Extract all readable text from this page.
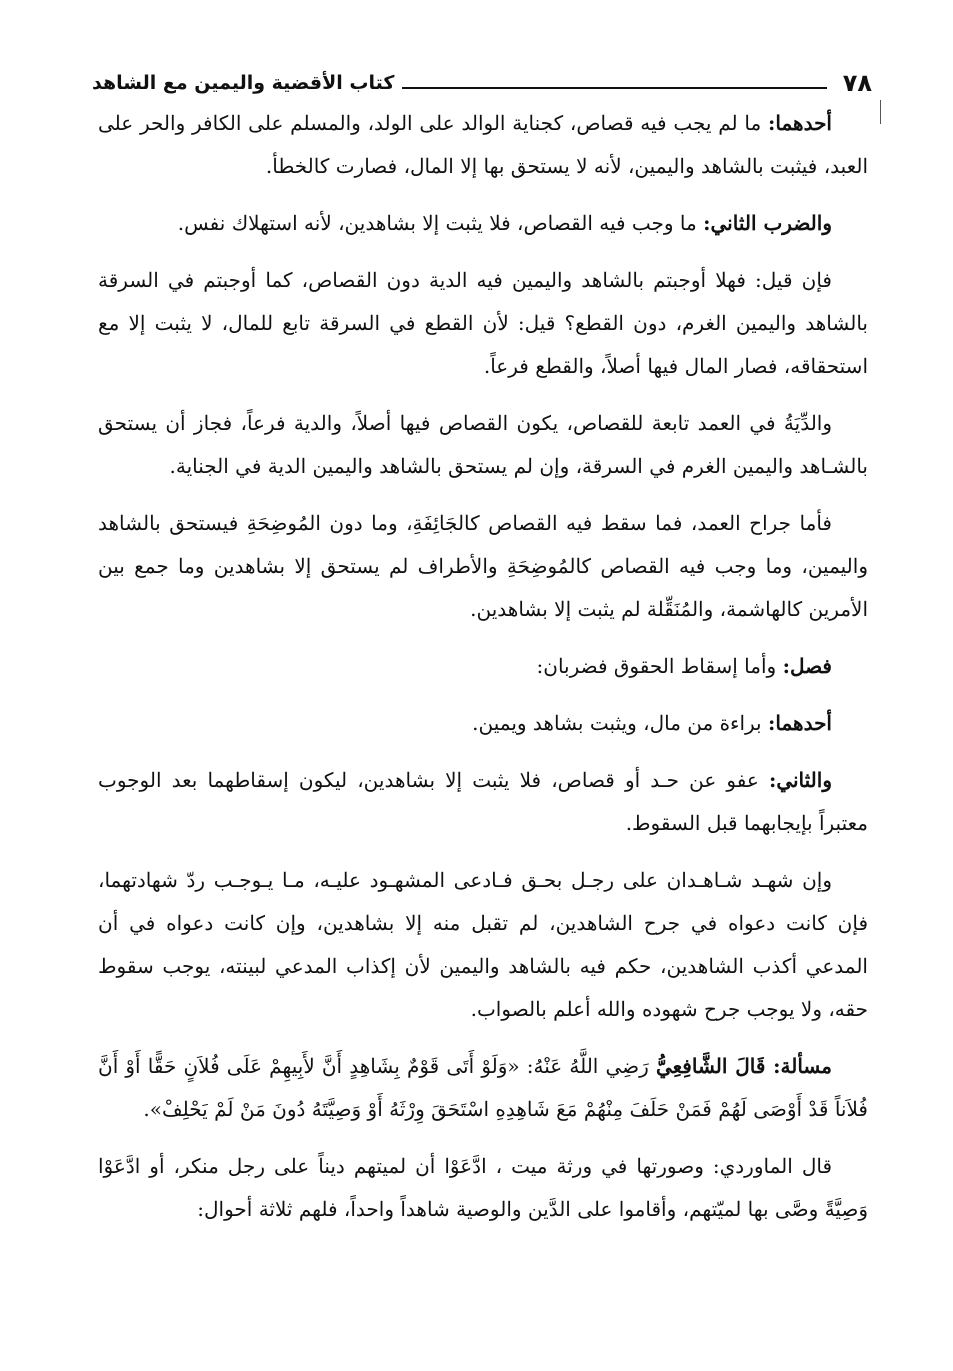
٧٨
كتاب الأقضية واليمين مع الشاهد

أحدهما: ما لم يجب فيه قصاص، كجناية الوالد على الولد، والمسلم على الكافر والحر على العبد، فيثبت بالشاهد واليمين، لأنه لا يستحق بها إلا المال، فصارت كالخطأ.

والضرب الثاني: ما وجب فيه القصاص، فلا يثبت إلا بشاهدين، لأنه استهلاك نفس.

فإن قيل: فهلا أوجبتم بالشاهد واليمين فيه الدية دون القصاص، كما أوجبتم في السرقة بالشاهد واليمين الغرم، دون القطع؟ قيل: لأن القطع في السرقة تابع للمال، لا يثبت إلا مع استحقاقه، فصار المال فيها أصلاً، والقطع فرعاً.

والدِّيَةُ في العمد تابعة للقصاص، يكون القصاص فيها أصلاً، والدية فرعاً، فجاز أن يستحق بالشـاهد واليمين الغرم في السرقة، وإن لم يستحق بالشاهد واليمين الدية في الجناية.

فأما جراح العمد، فما سقط فيه القصاص كالجَائِفَةِ، وما دون المُوضِحَةِ فيستحق بالشاهد واليمين، وما وجب فيه القصاص كالمُوضِحَةِ والأطراف لم يستحق إلا بشاهدين وما جمع بين الأمرين كالهاشمة، والمُنَقِّلة لم يثبت إلا بشاهدين.

فصل: وأما إسقاط الحقوق فضربان:

أحدهما: براءة من مال، ويثبت بشاهد ويمين.

والثاني: عفو عن حـد أو قصاص، فلا يثبت إلا بشاهدين، ليكون إسقاطهما بعد الوجوب معتبراً بإيجابهما قبل السقوط.

وإن شهـد شـاهـدان على رجـل بحـق فـادعى المشهـود عليـه، مـا يـوجـب ردّ شهادتهما، فإن كانت دعواه في جرح الشاهدين، لم تقبل منه إلا بشاهدين، وإن كانت دعواه في أن المدعي أكذب الشاهدين، حكم فيه بالشاهد واليمين لأن إكذاب المدعي لبينته، يوجب سقوط حقه، ولا يوجب جرح شهوده والله أعلم بالصواب.

مسألة: قَالَ الشَّافِعِيُّ رَضِي اللَّهُ عَنْهُ: «وَلَوْ أَتَى قَوْمٌ بِشَاهِدٍ أَنَّ لأَبِيهِمْ عَلَى فُلاَنٍ حَقًّا أَوْ أَنَّ فُلاَناً قَدْ أَوْصَى لَهُمْ فَمَنْ حَلَفَ مِنْهُمْ مَعَ شَاهِدِهِ اسْتَحَقَ وِرْثَهُ أَوْ وَصِيَّتَهُ دُونَ مَنْ لَمْ يَحْلِفْ».

قال الماوردي: وصورتها في ورثة ميت ، ادَّعَوْا أن لميتهم ديناً على رجل منكر، أو ادَّعَوْا وَصِيَّةً وصَّى بها لميّتهم، وأقاموا على الدَّين والوصية شاهداً واحداً، فلهم ثلاثة أحوال:
